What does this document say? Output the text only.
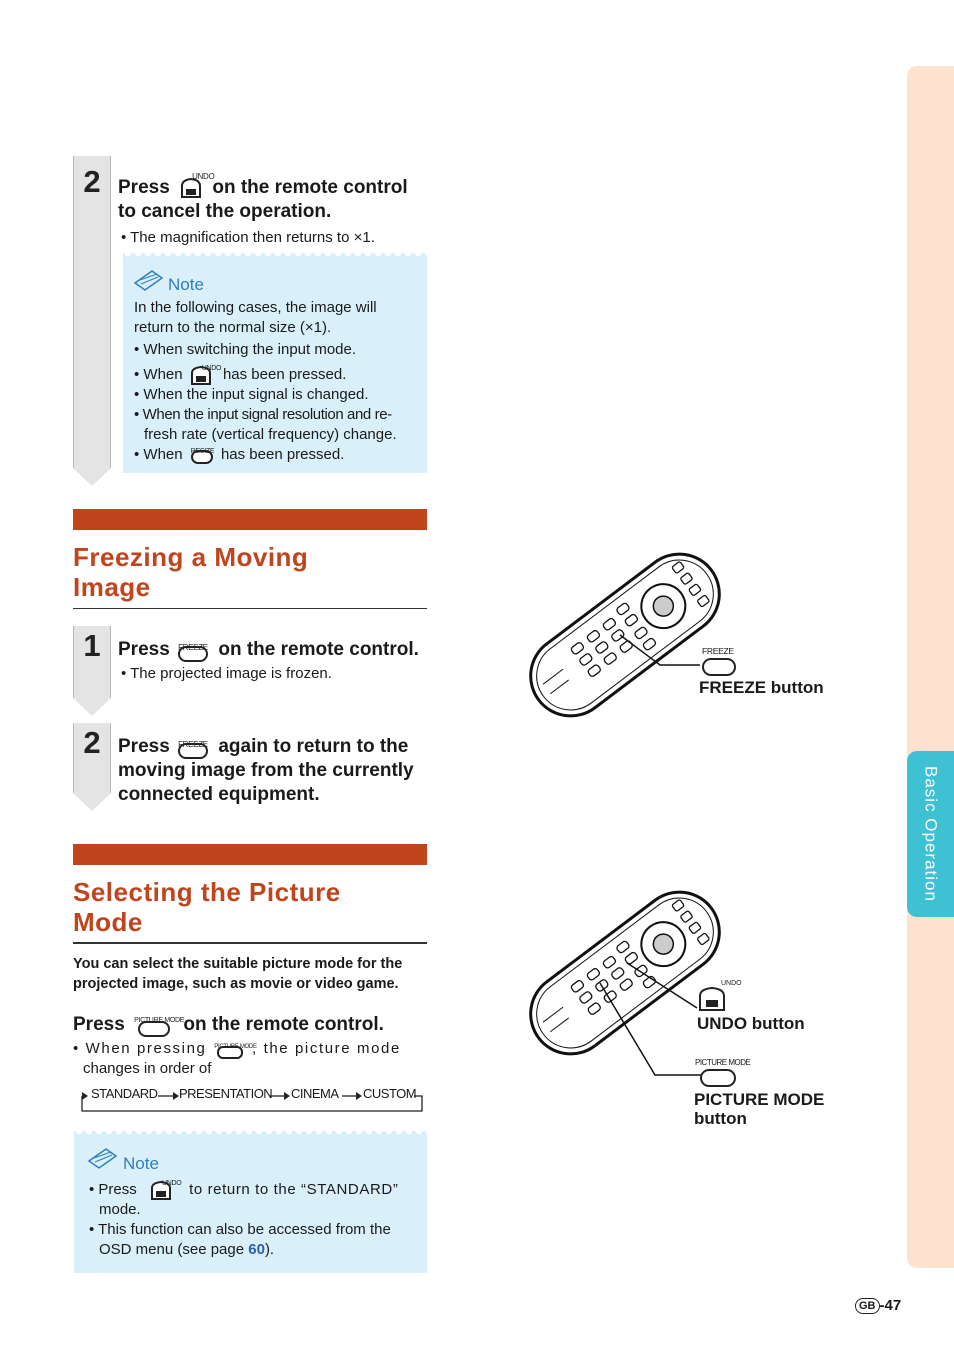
Basic Operation
2 Press
UNDO
on the remote control
to cancel the operation.
• The magnification then returns to ×1.
Note
In the following cases, the image will
return to the normal size (×1).
• When switching the input mode.
• When	UNDO has been pressed.
• When the input signal is changed.
• When the input signal resolution and re-
fresh rate (vertical frequency) change.
• When RESIZE has been pressed.
Freezing a Moving
Image
1 Press FREEZE on the remote control.
• The projected image is frozen.
2 Press FREEZE again to return to the
moving image from the currently
connected equipment.
Selecting the Picture
Mode
You can select the suitable picture mode for the
projected image, such as movie or video game.
Press PICTURE MODE on the remote control.
• When pressing PICTURE MODE
, the picture mode
changes in order of
STANDARD PRESENTATION CINEMA CUSTOM
Note
• Press	UNDO to return to the “STANDARD”
mode.
• This function can also be accessed from the
OSD menu (see page 60).
FREEZE
FREEZE button
UNDO
UNDO button
PICTURE MODE
PICTURE MODE
button
GB -47
